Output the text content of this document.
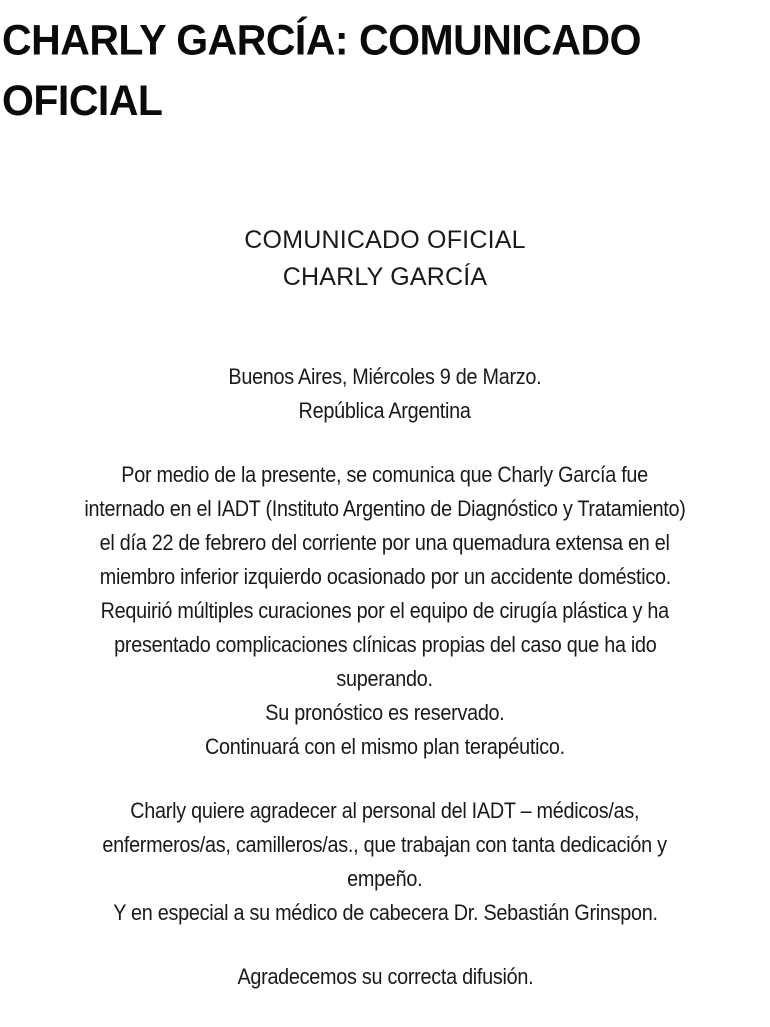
CHARLY GARCÍA: COMUNICADO
OFICIAL
COMUNICADO OFICIAL
CHARLY GARCÍA
Buenos Aires, Miércoles 9 de Marzo.
República Argentina
Por medio de la presente, se comunica que Charly García fue
internado en el IADT (Instituto Argentino de Diagnóstico y Tratamiento)
el día 22 de febrero del corriente por una quemadura extensa en el
miembro inferior izquierdo ocasionado por un accidente doméstico.
Requirió múltiples curaciones por el equipo de cirugía plástica y ha
presentado complicaciones clínicas propias del caso que ha ido
superando.
Su pronóstico es reservado.
Continuará con el mismo plan terapéutico.
Charly quiere agradecer al personal del IADT – médicos/as,
enfermeros/as, camilleros/as., que trabajan con tanta dedicación y
empeño.
Y en especial a su médico de cabecera Dr. Sebastián Grinspon.
Agradecemos su correcta difusión.
